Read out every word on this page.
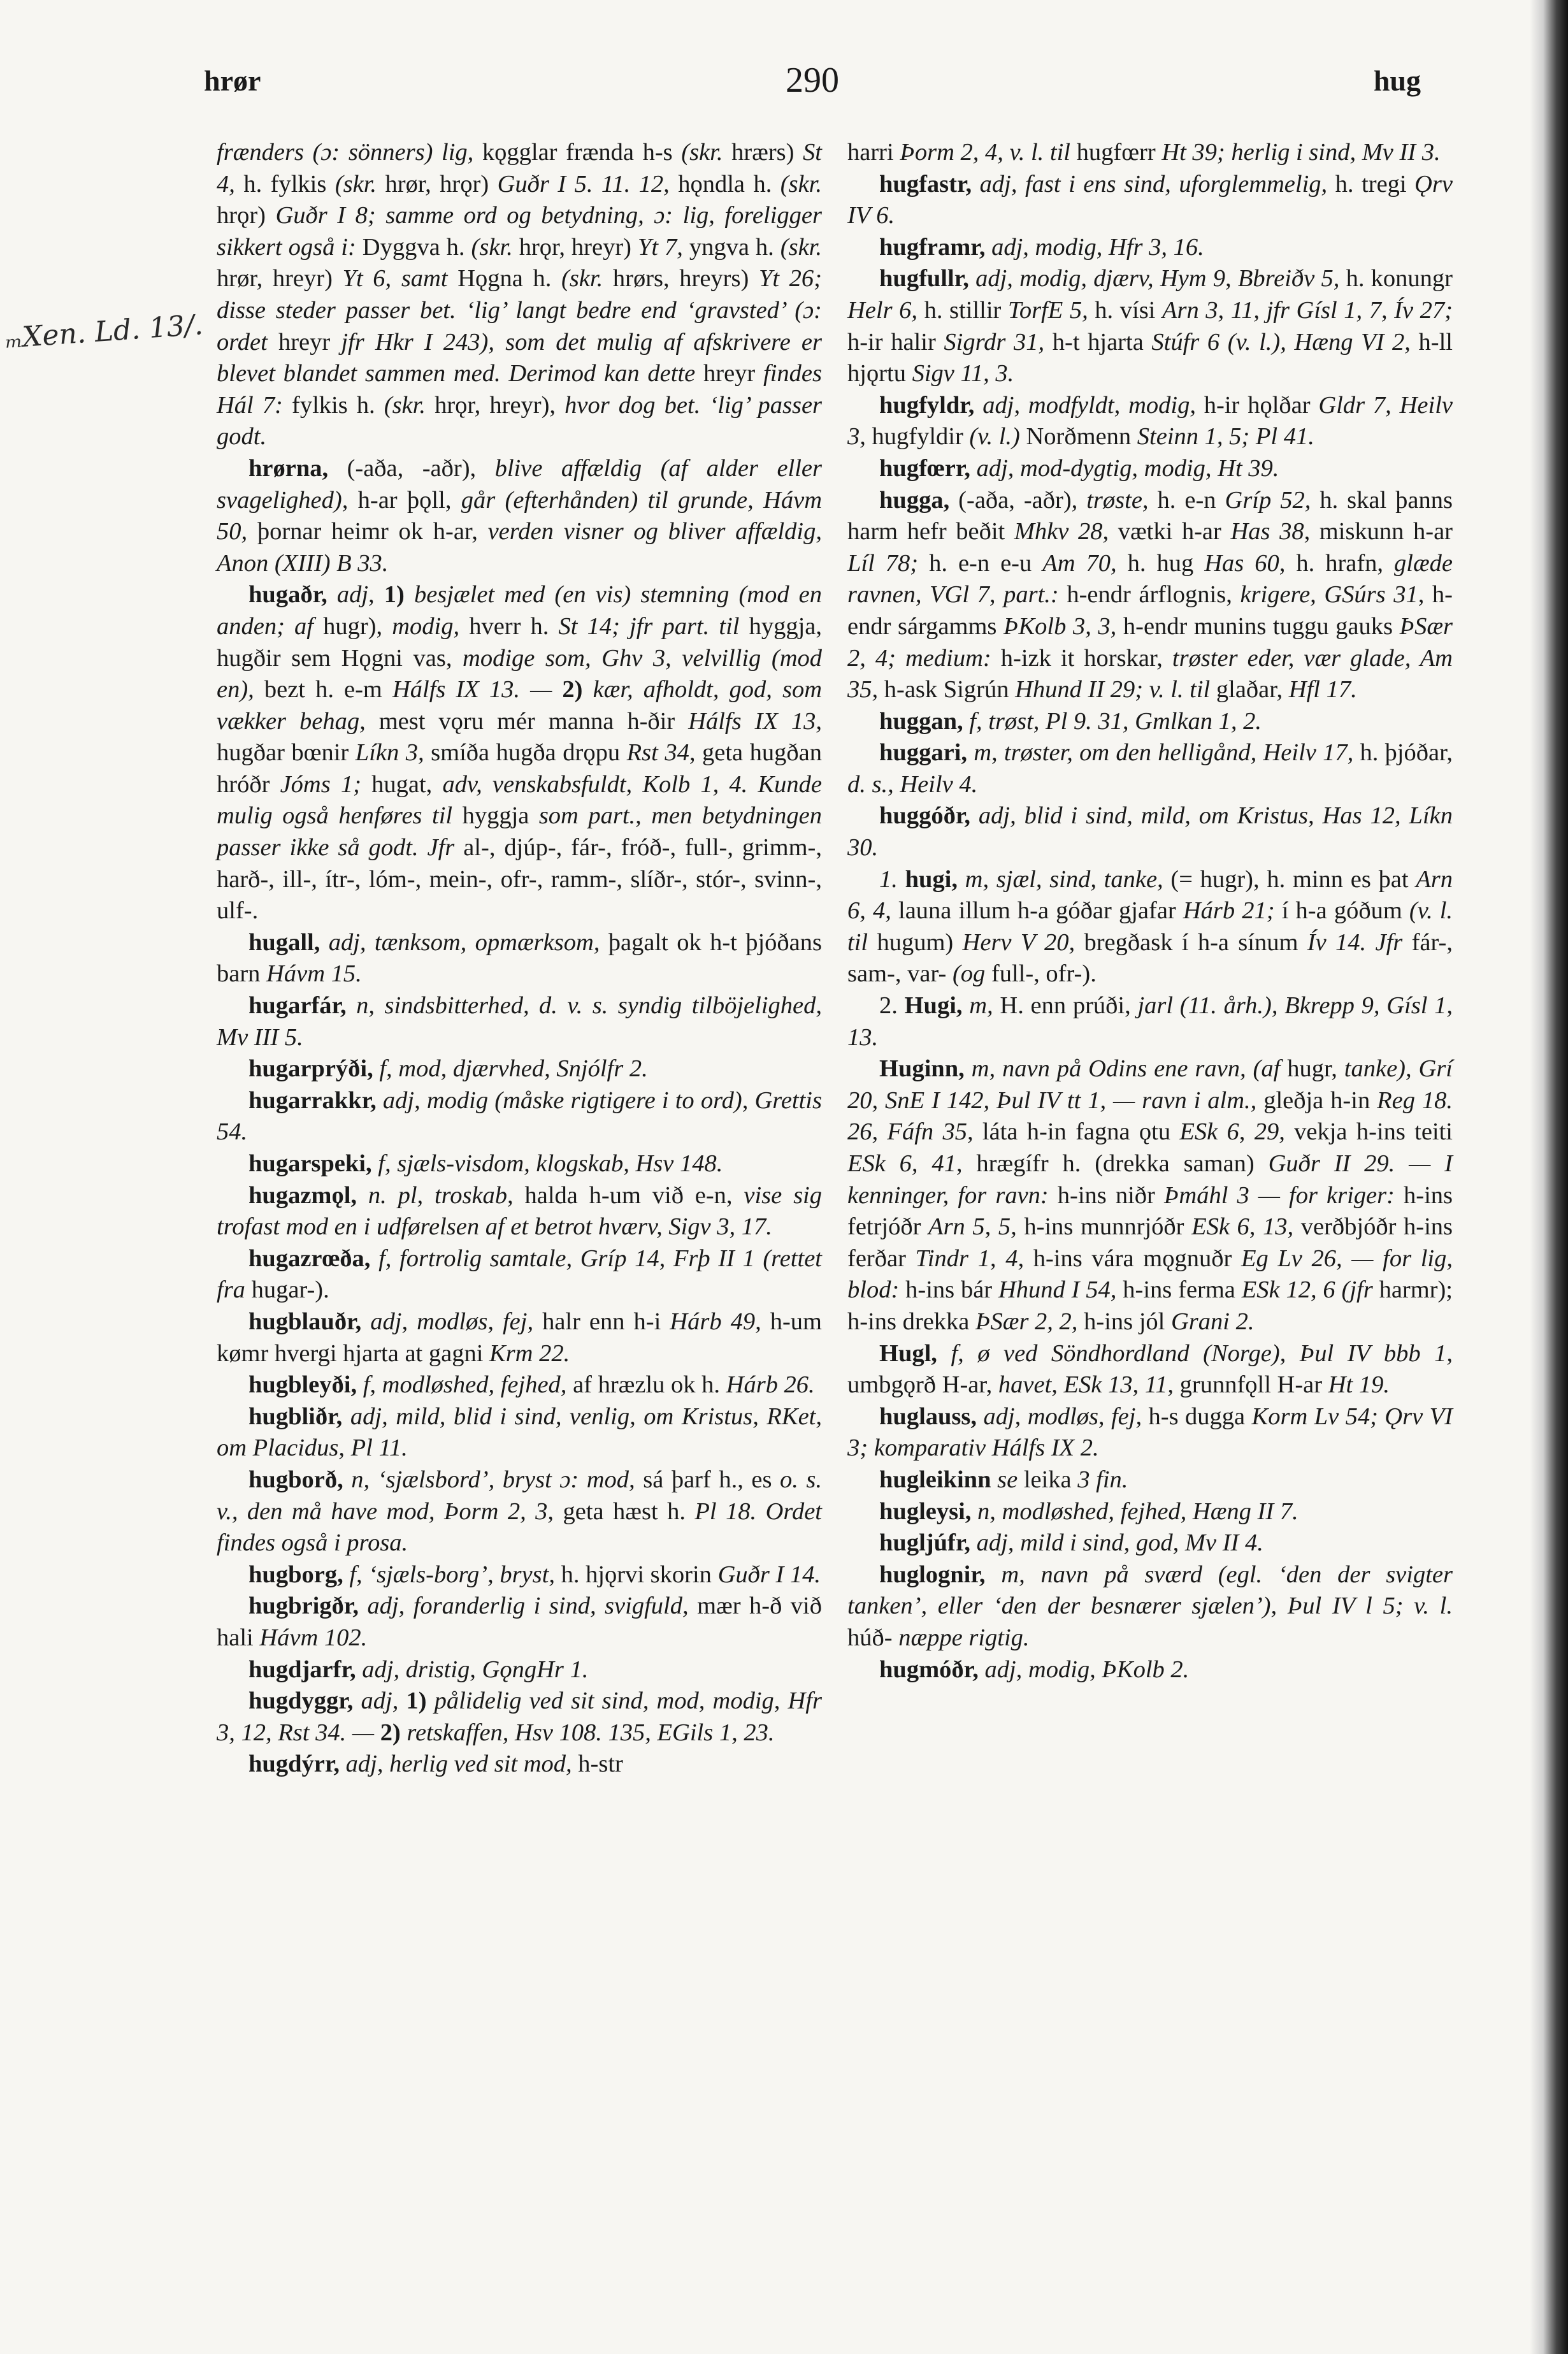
hrør	290	hug
ₘXen. Ld. 13/.

frænders (ɔ: sönners) lig, kǫgglar frænda h-s (skr. hrærs) St 4, h. fylkis (skr. hrør, hrǫr) Guðr I 5. 11. 12, hǫndla h. (skr. hrǫr) Guðr I 8; samme ord og betydning, ɔ: lig, foreligger sikkert også i: Dyggva h. (skr. hrǫr, hreyr) Yt 7, yngva h. (skr. hrør, hreyr) Yt 6, samt Hǫgna h. (skr. hrørs, hreyrs) Yt 26; disse steder passer bet. ‘lig’ langt bedre end ‘gravsted’ (ɔ: ordet hreyr jfr Hkr I 243), som det mulig af afskrivere er blevet blandet sammen med. Derimod kan dette hreyr findes Hál 7: fylkis h. (skr. hrǫr, hreyr), hvor dog bet. ‘lig’ passer godt.

hrørna, (-aða, -aðr), blive affældig (af alder eller svagelighed), h-ar þǫll, går (efterhånden) til grunde, Hávm 50, þornar heimr ok h-ar, verden visner og bliver affældig, Anon (XIII) B 33.

hugaðr, adj, 1) besjælet med (en vis) stemning (mod en anden; af hugr), modig, hverr h. St 14; jfr part. til hyggja, hugðir sem Hǫgni vas, modige som, Ghv 3, velvillig (mod en), bezt h. e-m Hálfs IX 13. — 2) kær, afholdt, god, som vækker behag, mest vǫru mér manna h-ðir Hálfs IX 13, hugðar bœnir Líkn 3, smíða hugða drǫpu Rst 34, geta hugðan hróðr Jóms 1; hugat, adv, venskabsfuldt, Kolb 1, 4. Kunde mulig også henføres til hyggja som part., men betydningen passer ikke så godt. Jfr al-, djúp-, fár-, fróð-, full-, grimm-, harð-, ill-, ítr-, lóm-, mein-, ofr-, ramm-, slíðr-, stór-, svinn-, ulf-.

hugall, adj, tænksom, opmærksom, þagalt ok h-t þjóðans barn Hávm 15.

hugarfár, n, sindsbitterhed, d. v. s. syndig tilböjelighed, Mv III 5.

hugarprýði, f, mod, djærvhed, Snjólfr 2.

hugarrakkr, adj, modig (måske rigtigere i to ord), Grettis 54.

hugarspeki, f, sjæls-visdom, klogskab, Hsv 148.

hugazmǫl, n. pl, troskab, halda h-um við e-n, vise sig trofast mod en i udførelsen af et betrot hværv, Sigv 3, 17.

hugazrœða, f, fortrolig samtale, Gríp 14, Frþ II 1 (rettet fra hugar-).

hugblauðr, adj, modløs, fej, halr enn h-i Hárb 49, h-um kømr hvergi hjarta at gagni Krm 22.

hugbleyði, f, modløshed, fejhed, af hræzlu ok h. Hárb 26.

hugbliðr, adj, mild, blid i sind, venlig, om Kristus, RKet, om Placidus, Pl 11.

hugborð, n, ‘sjælsbord’, bryst ɔ: mod, sá þarf h., es o. s. v., den må have mod, Þorm 2, 3, geta hæst h. Pl 18. Ordet findes også i prosa.

hugborg, f, ‘sjæls-borg’, bryst, h. hjǫrvi skorin Guðr I 14.

hugbrigðr, adj, foranderlig i sind, svigfuld, mær h-ð við hali Hávm 102.

hugdjarfr, adj, dristig, GǫngHr 1.

hugdyggr, adj, 1) pålidelig ved sit sind, mod, modig, Hfr 3, 12, Rst 34. — 2) retskaffen, Hsv 108. 135, EGils 1, 23.

hugdýrr, adj, herlig ved sit mod, h-str

harri Þorm 2, 4, v. l. til hugfœrr Ht 39; herlig i sind, Mv II 3.

hugfastr, adj, fast i ens sind, uforglemmelig, h. tregi Ǫrv IV 6.

hugframr, adj, modig, Hfr 3, 16.

hugfullr, adj, modig, djærv, Hym 9, Bbreiðv 5, h. konungr Helr 6, h. stillir TorfE 5, h. vísi Arn 3, 11, jfr Gísl 1, 7, Ív 27; h-ir halir Sigrdr 31, h-t hjarta Stúfr 6 (v. l.), Hæng VI 2, h-ll hjǫrtu Sigv 11, 3.

hugfyldr, adj, modfyldt, modig, h-ir hǫlðar Gldr 7, Heilv 3, hugfyldir (v. l.) Norðmenn Steinn 1, 5; Pl 41.

hugfœrr, adj, mod-dygtig, modig, Ht 39.

hugga, (-aða, -aðr), trøste, h. e-n Gríp 52, h. skal þanns harm hefr beðit Mhkv 28, vætki h-ar Has 38, miskunn h-ar Líl 78; h. e-n e-u Am 70, h. hug Has 60, h. hrafn, glæde ravnen, VGl 7, part.: h-endr árflognis, krigere, GSúrs 31, h-endr sárgamms ÞKolb 3, 3, h-endr munins tuggu gauks ÞSær 2, 4; medium: h-izk it horskar, trøster eder, vær glade, Am 35, h-ask Sigrún Hhund II 29; v. l. til glaðar, Hfl 17.

huggan, f, trøst, Pl 9. 31, Gmlkan 1, 2.

huggari, m, trøster, om den helligånd, Heilv 17, h. þjóðar, d. s., Heilv 4.

huggóðr, adj, blid i sind, mild, om Kristus, Has 12, Líkn 30.

1. hugi, m, sjæl, sind, tanke, (= hugr), h. minn es þat Arn 6, 4, launa illum h-a góðar gjafar Hárb 21; í h-a góðum (v. l. til hugum) Herv V 20, bregðask í h-a sínum Ív 14. Jfr fár-, sam-, var- (og full-, ofr-).

2. Hugi, m, H. enn prúði, jarl (11. årh.), Bkrepp 9, Gísl 1, 13.

Huginn, m, navn på Odins ene ravn, (af hugr, tanke), Grí 20, SnE I 142, Þul IV tt 1, — ravn i alm., gleðja h-in Reg 18. 26, Fáfn 35, láta h-in fagna ǫtu ESk 6, 29, vekja h-ins teiti ESk 6, 41, hrægífr h. (drekka saman) Guðr II 29. — I kenninger, for ravn: h-ins niðr Þmáhl 3 — for kriger: h-ins fetrjóðr Arn 5, 5, h-ins munnrjóðr ESk 6, 13, verðbjóðr h-ins ferðar Tindr 1, 4, h-ins vára mǫgnuðr Eg Lv 26, — for lig, blod: h-ins bár Hhund I 54, h-ins ferma ESk 12, 6 (jfr harmr); h-ins drekka ÞSær 2, 2, h-ins jól Grani 2.

Hugl, f, ø ved Söndhordland (Norge), Þul IV bbb 1, umbgǫrð H-ar, havet, ESk 13, 11, grunnfǫll H-ar Ht 19.

huglauss, adj, modløs, fej, h-s dugga Korm Lv 54; Ǫrv VI 3; komparativ Hálfs IX 2.

hugleikinn se leika 3 fin.

hugleysi, n, modløshed, fejhed, Hæng II 7.

hugljúfr, adj, mild i sind, god, Mv II 4.

huglognir, m, navn på sværd (egl. ‘den der svigter tanken’, eller ‘den der besnærer sjælen’), Þul IV l 5; v. l. húð- næppe rigtig.

hugmóðr, adj, modig, ÞKolb 2.
